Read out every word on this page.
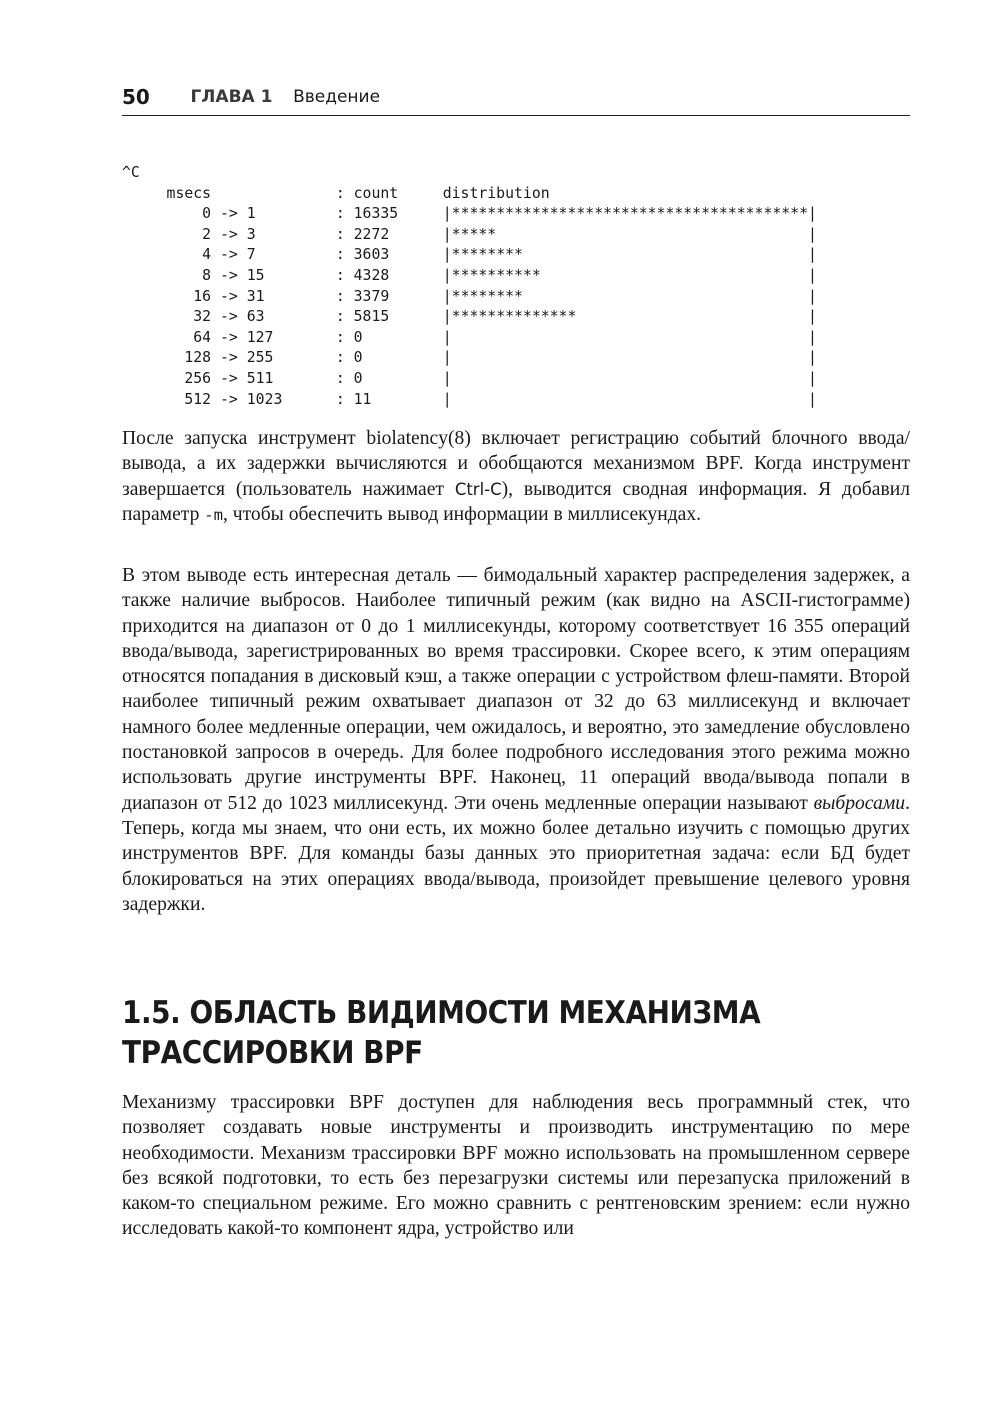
50 ГЛАВА 1 Введение
^C
msecs              : count     distribution
0 -> 1         : 16335     |****************************************|
2 -> 3         : 2272      |*****                                   |
4 -> 7         : 3603      |********                                |
8 -> 15        : 4328      |**********                              |
16 -> 31        : 3379      |********                                |
32 -> 63        : 5815      |**************                          |
64 -> 127       : 0         |	|
128 -> 255       : 0         |	|
256 -> 511       : 0         |	|
512 -> 1023      : 11        |	|

После запуска инструмент biolatency(8) включает регистрацию событий блочного ввода/вывода, а их задержки вычисляются и обобщаются механизмом BPF. Когда инструмент завершается (пользователь нажимает Ctrl-C), выводится сводная информация. Я добавил параметр -m, чтобы обеспечить вывод информации в миллисекундах.

В этом выводе есть интересная деталь — бимодальный характер распределения задержек, а также наличие выбросов. Наиболее типичный режим (как видно на ASCII-гистограмме) приходится на диапазон от 0 до 1 миллисекунды, которому соответствует 16 355 операций ввода/вывода, зарегистрированных во время трассировки. Скорее всего, к этим операциям относятся попадания в дисковый кэш, а также операции с устройством флеш-памяти. Второй наиболее типичный режим охватывает диапазон от 32 до 63 миллисекунд и включает намного более медленные операции, чем ожидалось, и вероятно, это замедление обусловлено постановкой запросов в очередь. Для более подробного исследования этого режима можно использовать другие инструменты BPF. Наконец, 11 операций ввода/вывода попали в диапазон от 512 до 1023 миллисекунд. Эти очень медленные операции называют выбросами. Теперь, когда мы знаем, что они есть, их можно более детально изучить с помощью других инструментов BPF. Для команды базы данных это приоритетная задача: если БД будет блокироваться на этих операциях ввода/вывода, произойдет превышение целевого уровня задержки.

1.5. ОБЛАСТЬ ВИДИМОСТИ МЕХАНИЗМА
ТРАССИРОВКИ BPF

Механизму трассировки BPF доступен для наблюдения весь программный стек, что позволяет создавать новые инструменты и производить инструментацию по мере необходимости. Механизм трассировки BPF можно использовать на промышленном сервере без всякой подготовки, то есть без перезагрузки системы или перезапуска приложений в каком-то специальном режиме. Его можно сравнить с рентгеновским зрением: если нужно исследовать какой-то компонент ядра, устройство или
